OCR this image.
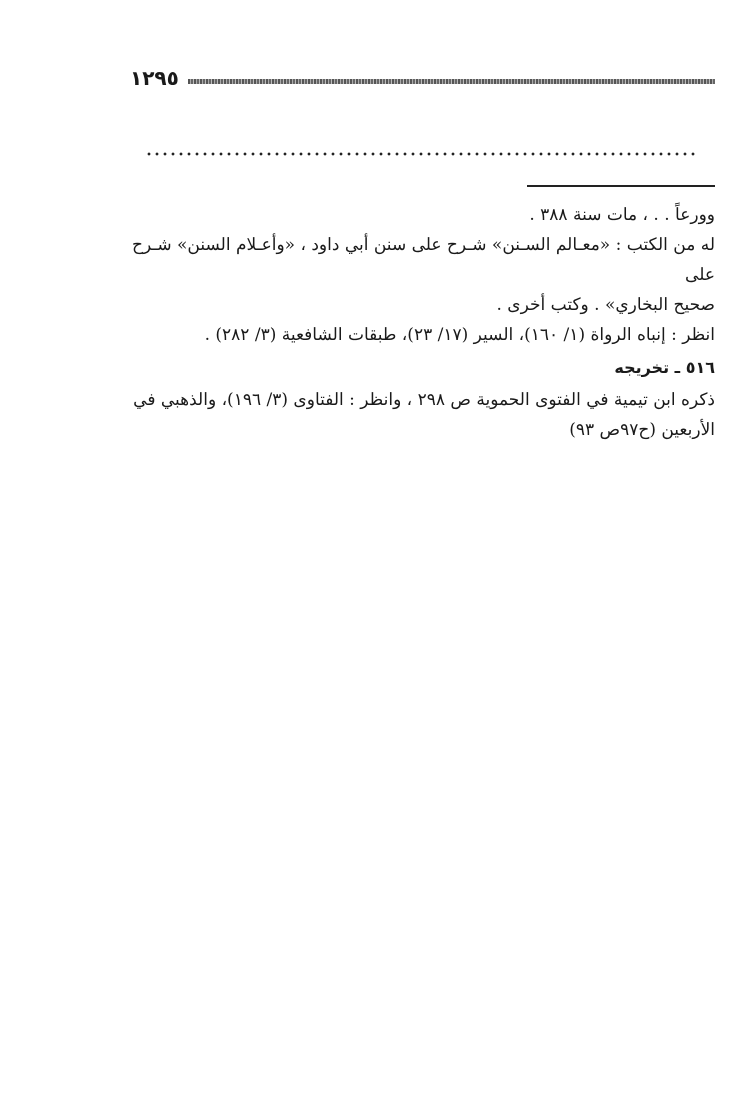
١٢٩٥

وورعاً . . ، مات سنة ٣٨٨ .

له من الكتب : «معـالم السـنن» شـرح على سنن أبي داود ، «وأعـلام السنن» شـرح على

صحيح البخاري» . وكتب أخرى .

انظر : إنباه الرواة (١/ ١٦٠)، السير (١٧/ ٢٣)، طبقات الشافعية (٣/ ٢٨٢) .

٥١٦ ـ تخريجه

ذكره ابن تيمية في الفتوى الحموية ص ٢٩٨ ، وانظر : الفتاوى (٣/ ١٩٦)، والذهبي في

الأربعين (ح٩٧ص ٩٣)
